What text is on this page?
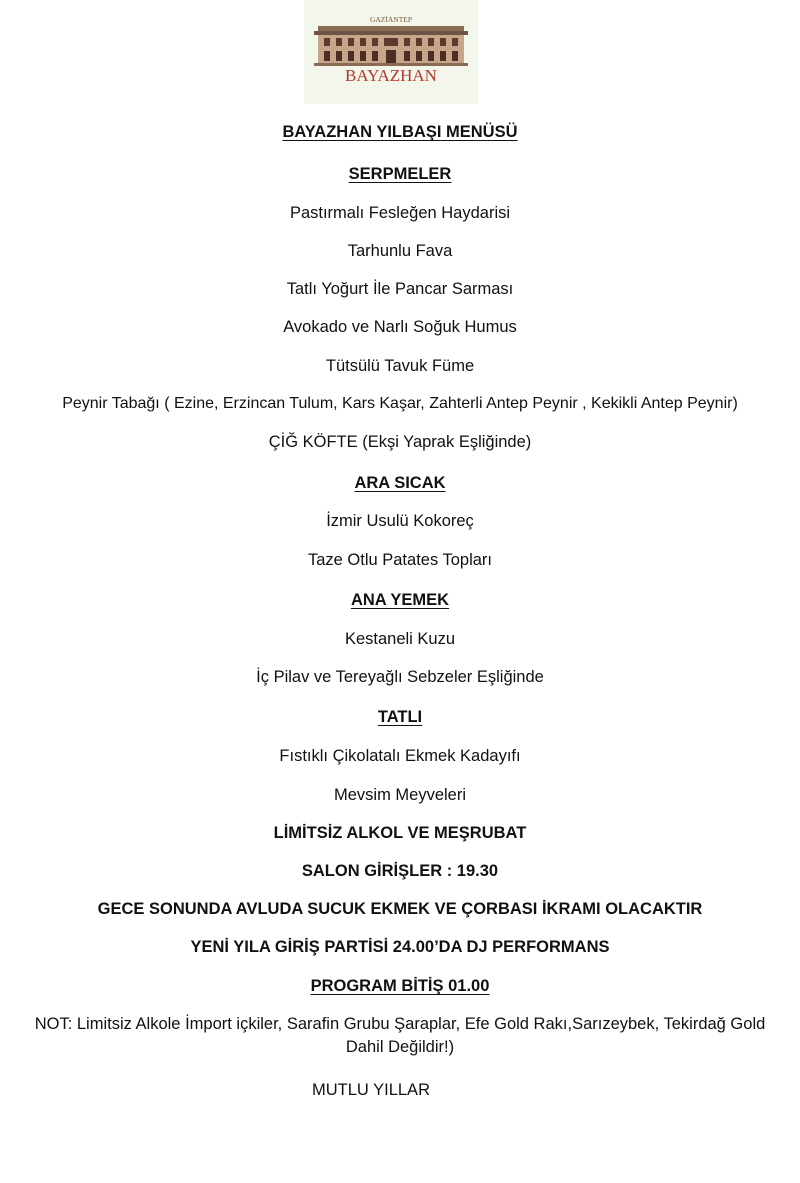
GAZİANTEP
BAYAZHAN
BAYAZHAN YILBAŞI MENÜSÜ
SERPMELER
Pastırmalı Fesleğen Haydarisi
Tarhunlu Fava
Tatlı Yoğurt İle Pancar Sarması
Avokado ve Narlı Soğuk Humus
Tütsülü Tavuk Füme
Peynir Tabağı ( Ezine, Erzincan Tulum, Kars Kaşar, Zahterli Antep Peynir , Kekikli Antep Peynir)
ÇİĞ KÖFTE (Ekşi Yaprak Eşliğinde)
ARA SICAK
İzmir Usulü Kokoreç
Taze Otlu Patates Topları
ANA YEMEK
Kestaneli Kuzu
İç Pilav ve Tereyağlı Sebzeler Eşliğinde
TATLI
Fıstıklı Çikolatalı Ekmek Kadayıfı
Mevsim Meyveleri
LİMİTSİZ ALKOL VE MEŞRUBAT
SALON GİRİŞLER : 19.30
GECE SONUNDA AVLUDA SUCUK EKMEK VE ÇORBASI İKRAMI OLACAKTIR
YENİ YILA GİRİŞ PARTİSİ 24.00’DA DJ PERFORMANS
PROGRAM BİTİŞ 01.00
NOT: Limitsiz Alkole İmport içkiler, Sarafin Grubu Şaraplar, Efe Gold Rakı,Sarızeybek, Tekirdağ Gold
Dahil Değildir!)
MUTLU YILLAR
